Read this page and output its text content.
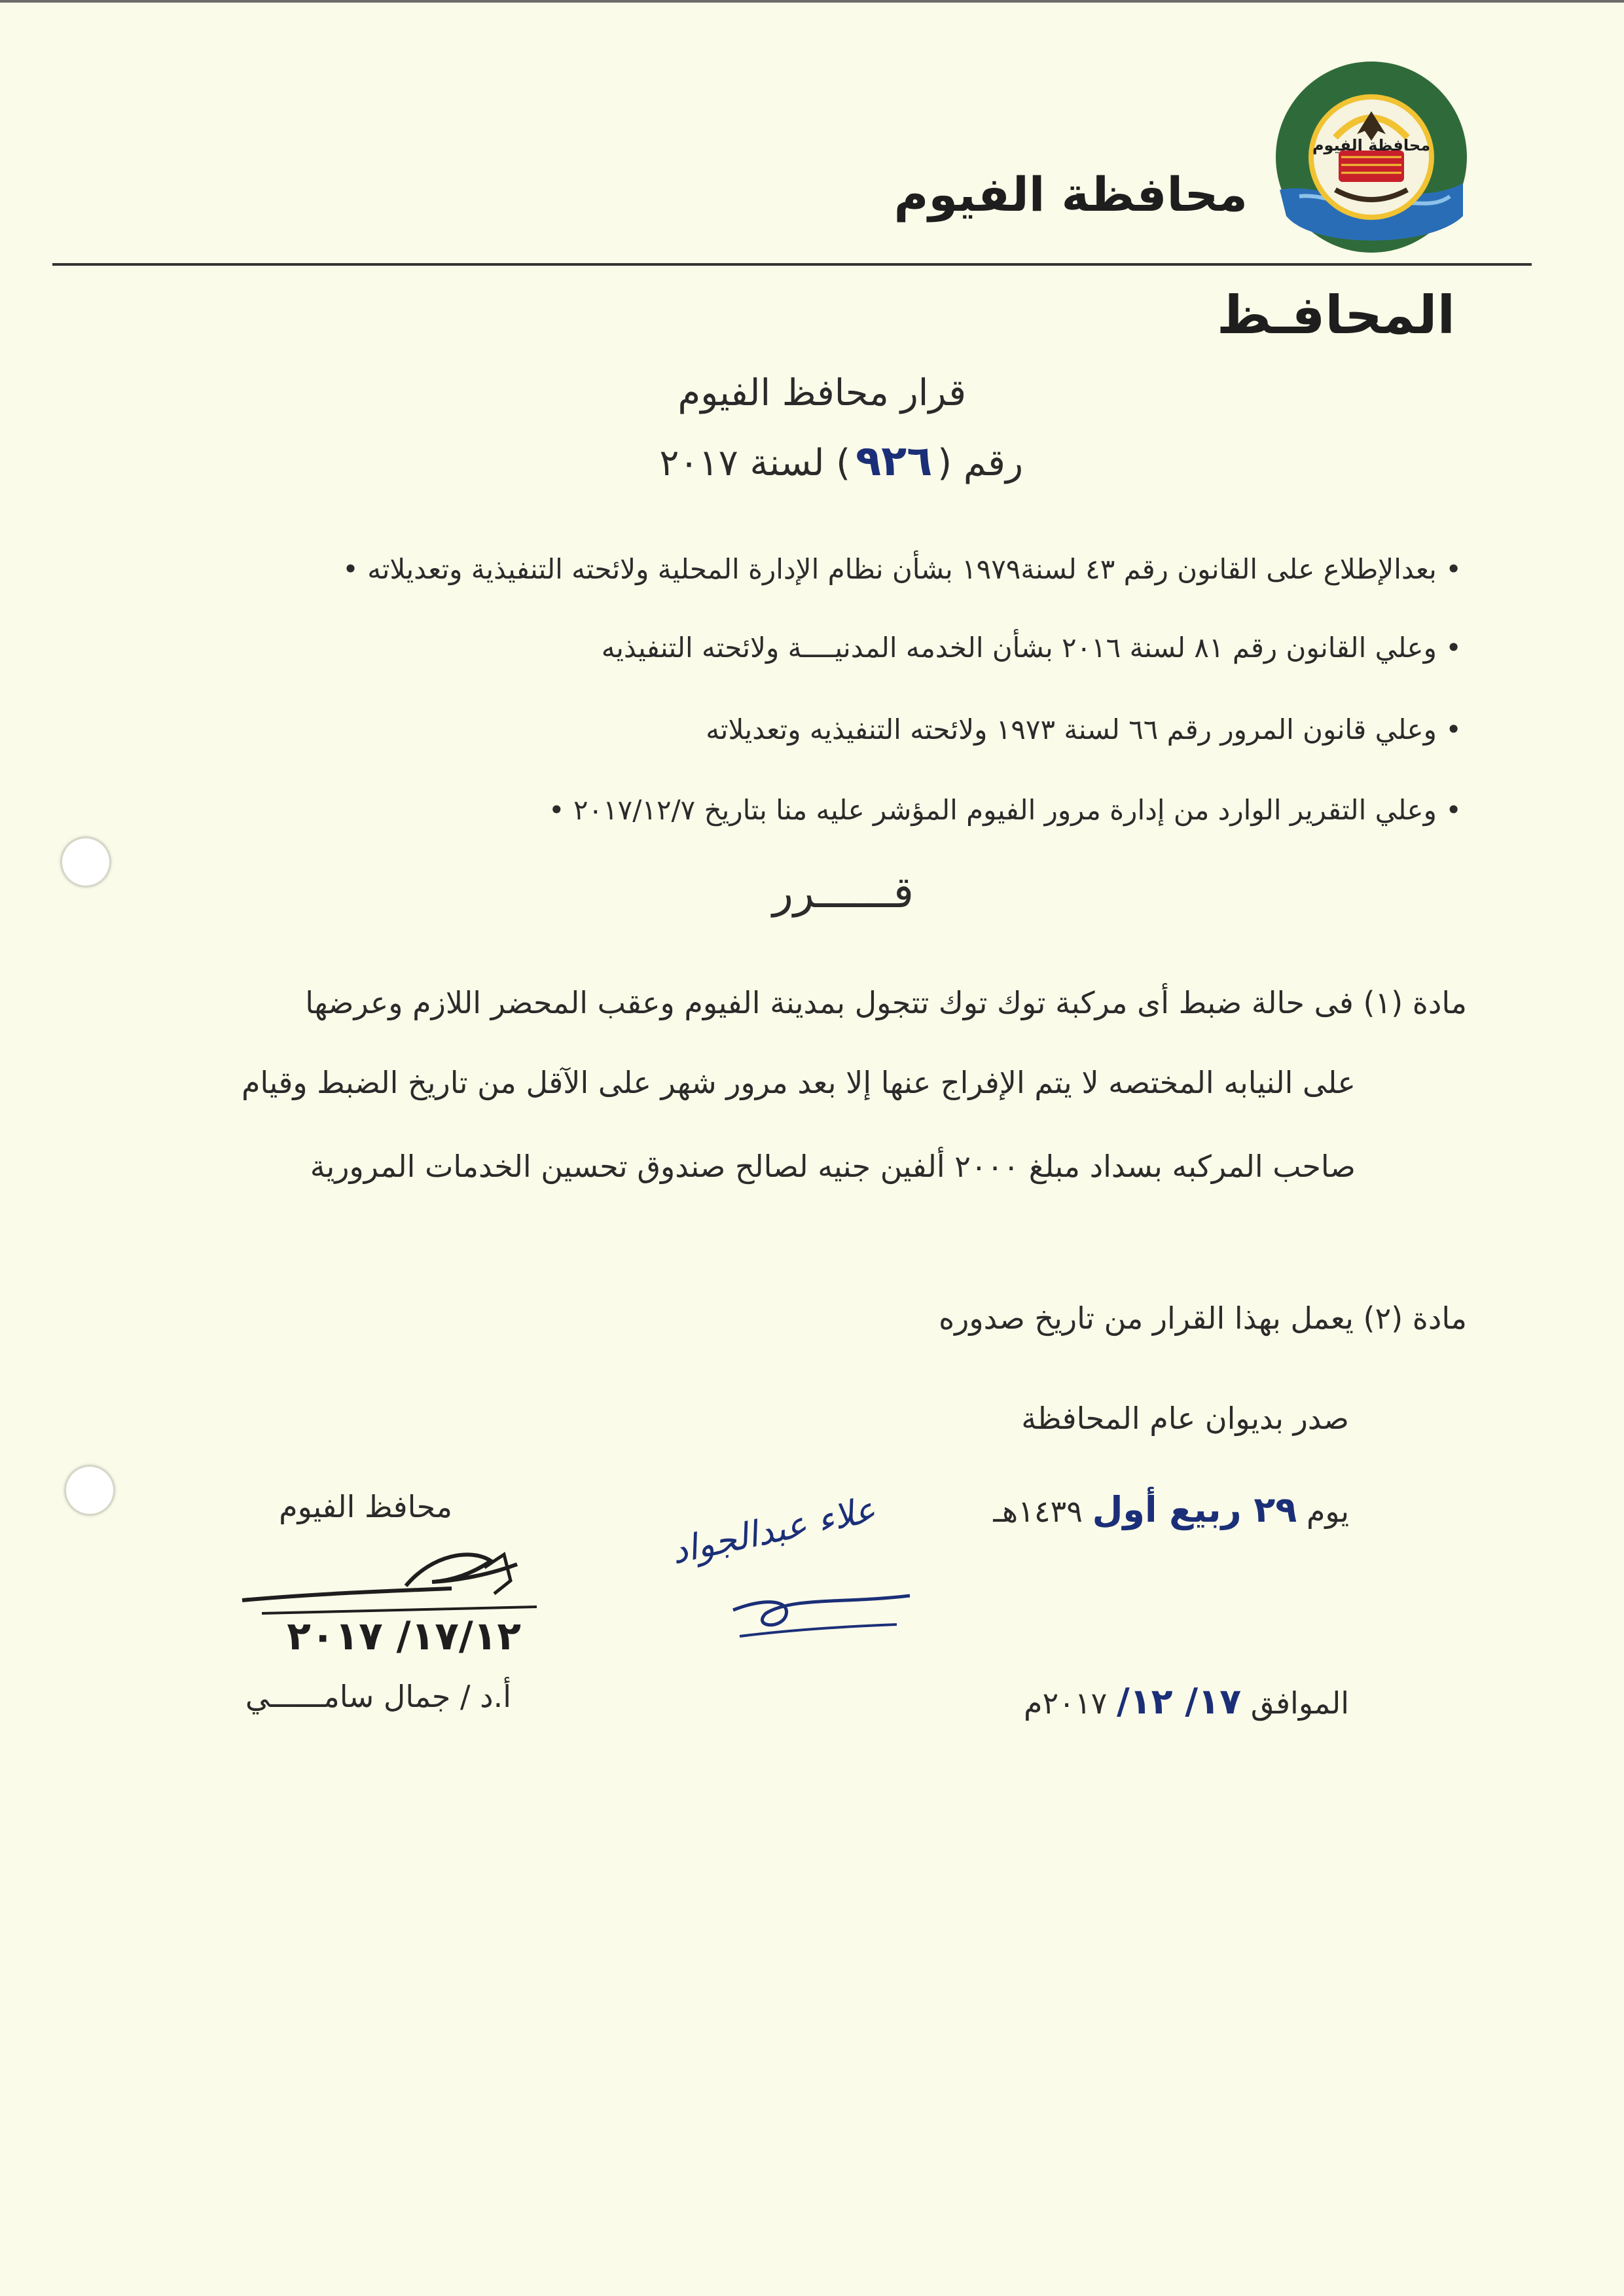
محافظة الفيوم
محافظة الفيوم
المحافـظ
قرار محافظ الفيوم
رقم (٩٢٦) لسنة ٢٠١٧
• بعدالإطلاع على القانون رقم ٤٣ لسنة١٩٧٩ بشأن نظام الإدارة المحلية ولائحته التنفيذية وتعديلاته •
• وعلي القانون رقم ٨١ لسنة ٢٠١٦ بشأن الخدمه المدنيــــة ولائحته التنفيذيه
• وعلي قانون المرور رقم ٦٦ لسنة ١٩٧٣ ولائحته التنفيذيه وتعديلاته
• وعلي التقرير الوارد من إدارة مرور الفيوم المؤشر عليه منا بتاريخ ٢٠١٧/١٢/٧ •
قــــــرر
مادة (١) فى حالة ضبط أى مركبة توك توك تتجول بمدينة الفيوم وعقب المحضر اللازم وعرضها
على النيابه المختصه لا يتم الإفراج عنها إلا بعد مرور شهر على الآقل من تاريخ الضبط وقيام
صاحب المركبه بسداد مبلغ ٢٠٠٠ ألفين جنيه لصالح صندوق تحسين الخدمات المرورية
مادة (٢) يعمل بهذا القرار من تاريخ صدوره
صدر بديوان عام المحافظة
يوم ٢٩ ربيع أول ١٤٣٩هـ
الموافق ١٧/ ١٢/ ٢٠١٧م
محافظ الفيوم
١٧/١٢/ ٢٠١٧
أ.د / جمال سامــــــي
علاء عبدالجواد
